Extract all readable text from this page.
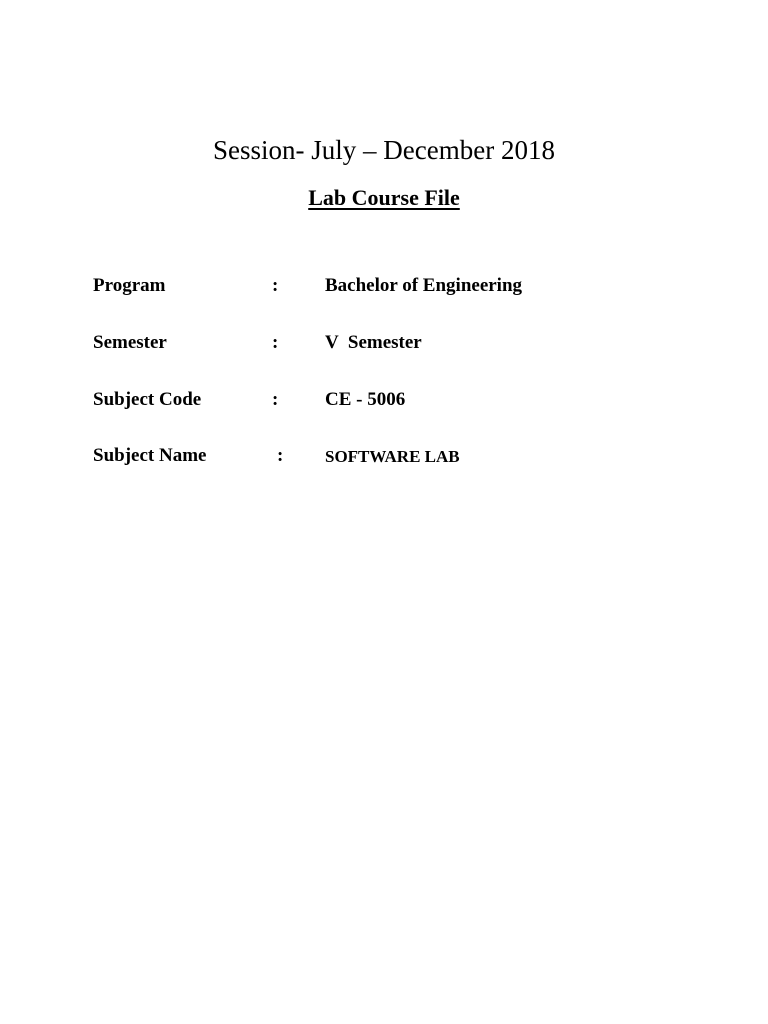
Session- July – December 2018
Lab Course File
Program	: Bachelor of Engineering
Semester	: V  Semester
Subject Code	: CE - 5006
Subject Name	: SOFTWARE LAB
